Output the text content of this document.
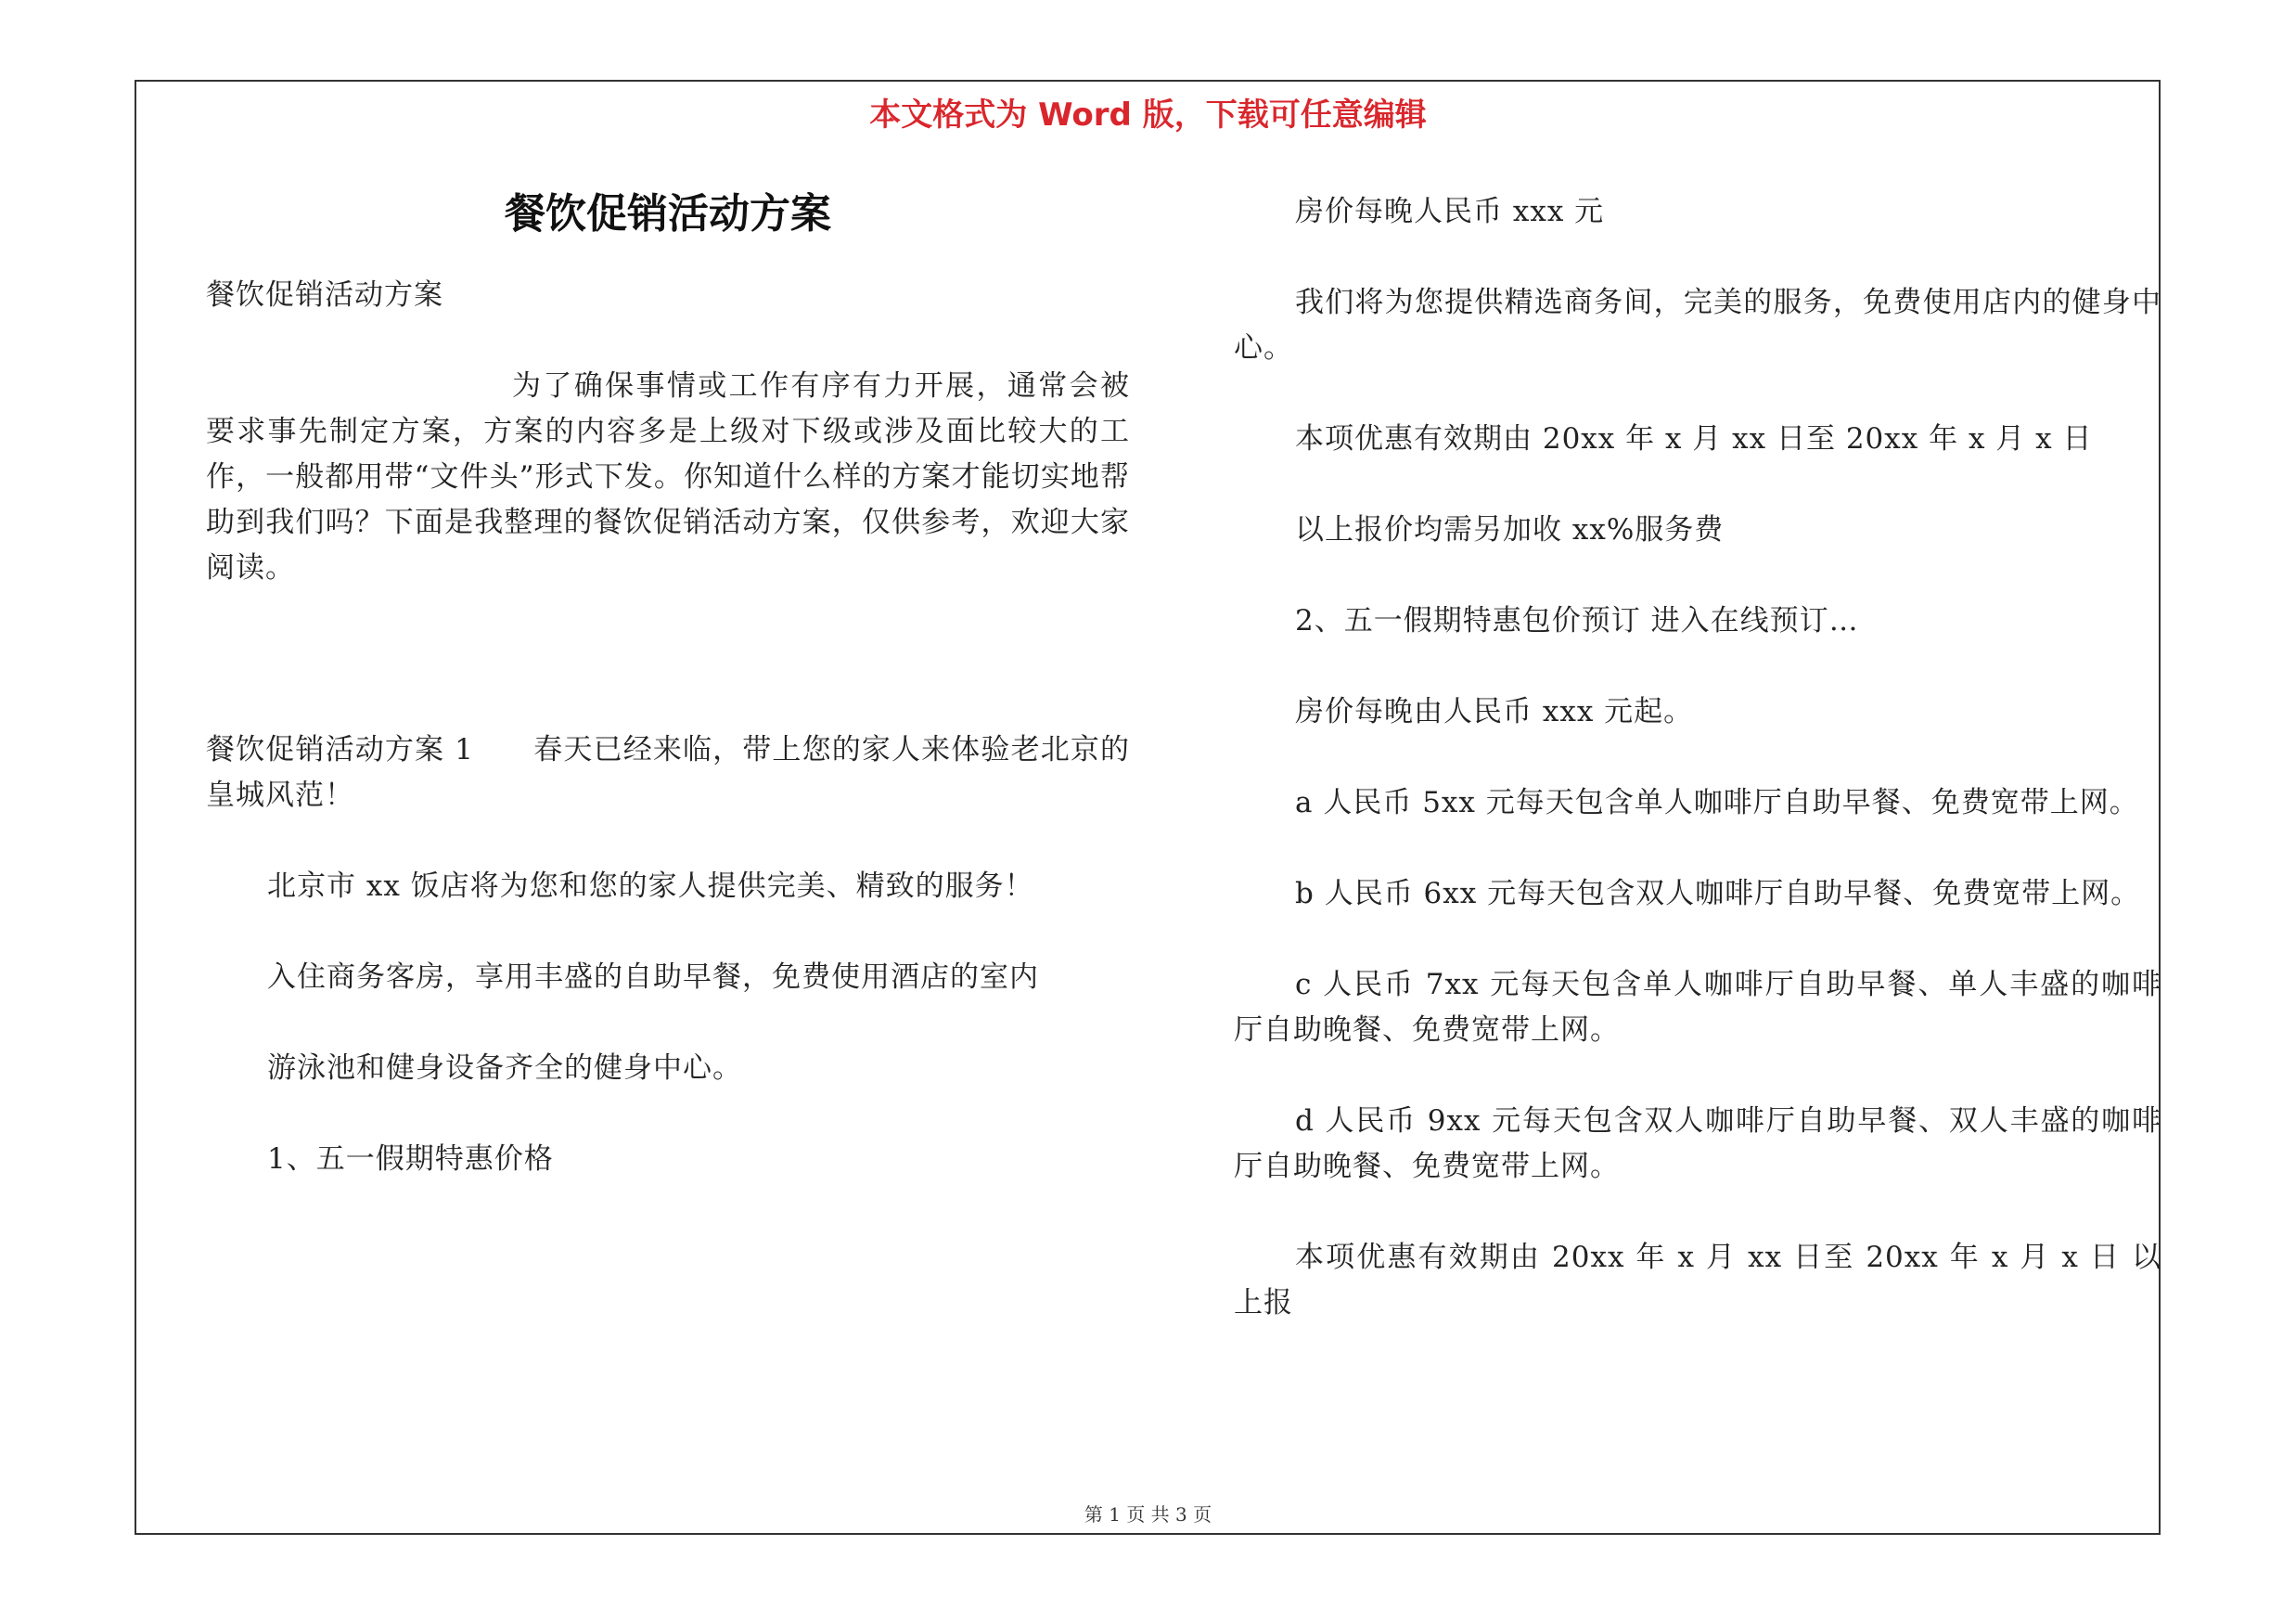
本文格式为 Word 版，下载可任意编辑
餐饮促销活动方案
餐饮促销活动方案
为了确保事情或工作有序有力开展，通常会被要求事先制定方案，方案的内容多是上级对下级或涉及面比较大的工作，一般都用带“文件头”形式下发。你知道什么样的方案才能切实地帮助到我们吗？下面是我整理的餐饮促销活动方案，仅供参考，欢迎大家阅读。
餐饮促销活动方案 1　　春天已经来临，带上您的家人来体验老北京的皇城风范！
北京市 xx 饭店将为您和您的家人提供完美、精致的服务！
入住商务客房，享用丰盛的自助早餐，免费使用酒店的室内
游泳池和健身设备齐全的健身中心。
1、五一假期特惠价格
房价每晚人民币 xxx 元
我们将为您提供精选商务间，完美的服务，免费使用店内的健身中心。
本项优惠有效期由 20xx 年 x 月 xx 日至 20xx 年 x 月 x 日
以上报价均需另加收 xx%服务费
2、五一假期特惠包价预订 进入在线预订…
房价每晚由人民币 xxx 元起。
a 人民币 5xx 元每天包含单人咖啡厅自助早餐、免费宽带上网。
b 人民币 6xx 元每天包含双人咖啡厅自助早餐、免费宽带上网。
c 人民币 7xx 元每天包含单人咖啡厅自助早餐、单人丰盛的咖啡厅自助晚餐、免费宽带上网。
d 人民币 9xx 元每天包含双人咖啡厅自助早餐、双人丰盛的咖啡厅自助晚餐、免费宽带上网。
本项优惠有效期由 20xx 年 x 月 xx 日至 20xx 年 x 月 x 日 以上报
第 1 页 共 3 页
